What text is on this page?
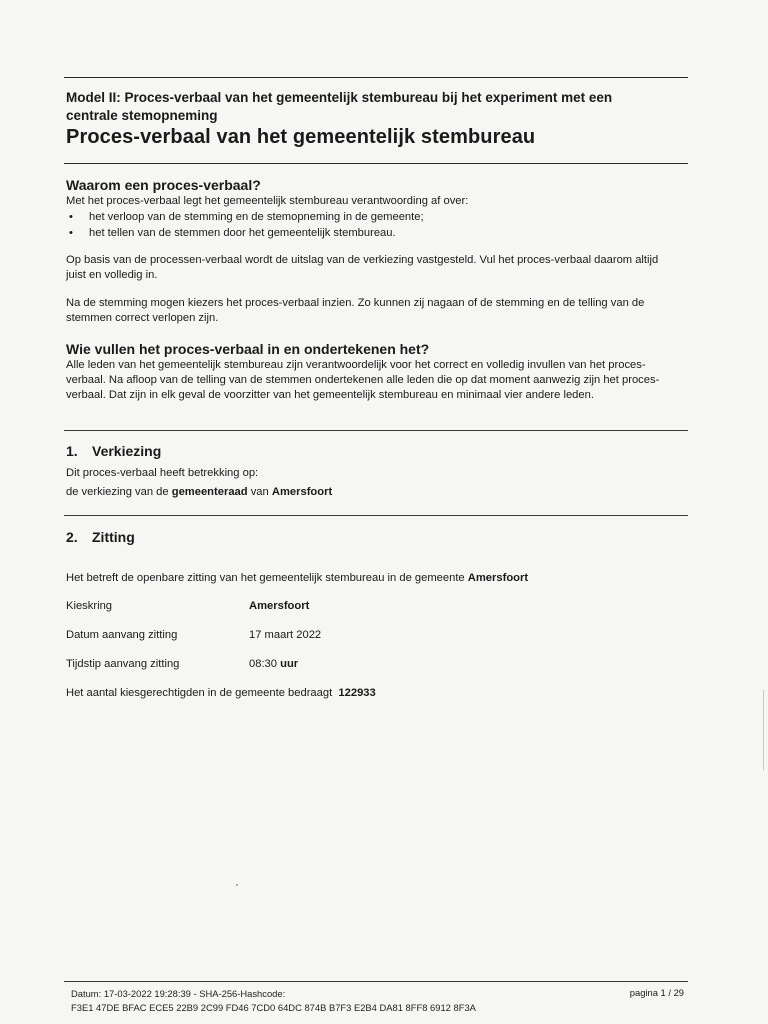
Model II: Proces-verbaal van het gemeentelijk stembureau bij het experiment met een centrale stemopneming
Proces-verbaal van het gemeentelijk stembureau
Waarom een proces-verbaal?
Met het proces-verbaal legt het gemeentelijk stembureau verantwoording af over:
• het verloop van de stemming en de stemopneming in de gemeente;
• het tellen van de stemmen door het gemeentelijk stembureau.
Op basis van de processen-verbaal wordt de uitslag van de verkiezing vastgesteld. Vul het proces-verbaal daarom altijd juist en volledig in.
Na de stemming mogen kiezers het proces-verbaal inzien. Zo kunnen zij nagaan of de stemming en de telling van de stemmen correct verlopen zijn.
Wie vullen het proces-verbaal in en ondertekenen het?
Alle leden van het gemeentelijk stembureau zijn verantwoordelijk voor het correct en volledig invullen van het proces-verbaal. Na afloop van de telling van de stemmen ondertekenen alle leden die op dat moment aanwezig zijn het proces-verbaal. Dat zijn in elk geval de voorzitter van het gemeentelijk stembureau en minimaal vier andere leden.
1. Verkiezing
Dit proces-verbaal heeft betrekking op:
de verkiezing van de gemeenteraad van Amersfoort
2. Zitting
Het betreft de openbare zitting van het gemeentelijk stembureau in de gemeente Amersfoort
Kieskring	Amersfoort
Datum aanvang zitting	17 maart 2022
Tijdstip aanvang zitting	08:30 uur
Het aantal kiesgerechtigden in de gemeente bedraagt 122933
Datum: 17-03-2022 19:28:39 - SHA-256-Hashcode:
F3E1 47DE BFAC ECE5 22B9 2C99 FD46 7CD0 64DC 874B B7F3 E2B4 DA81 8FF8 6912 8F3A
pagina 1 / 29
